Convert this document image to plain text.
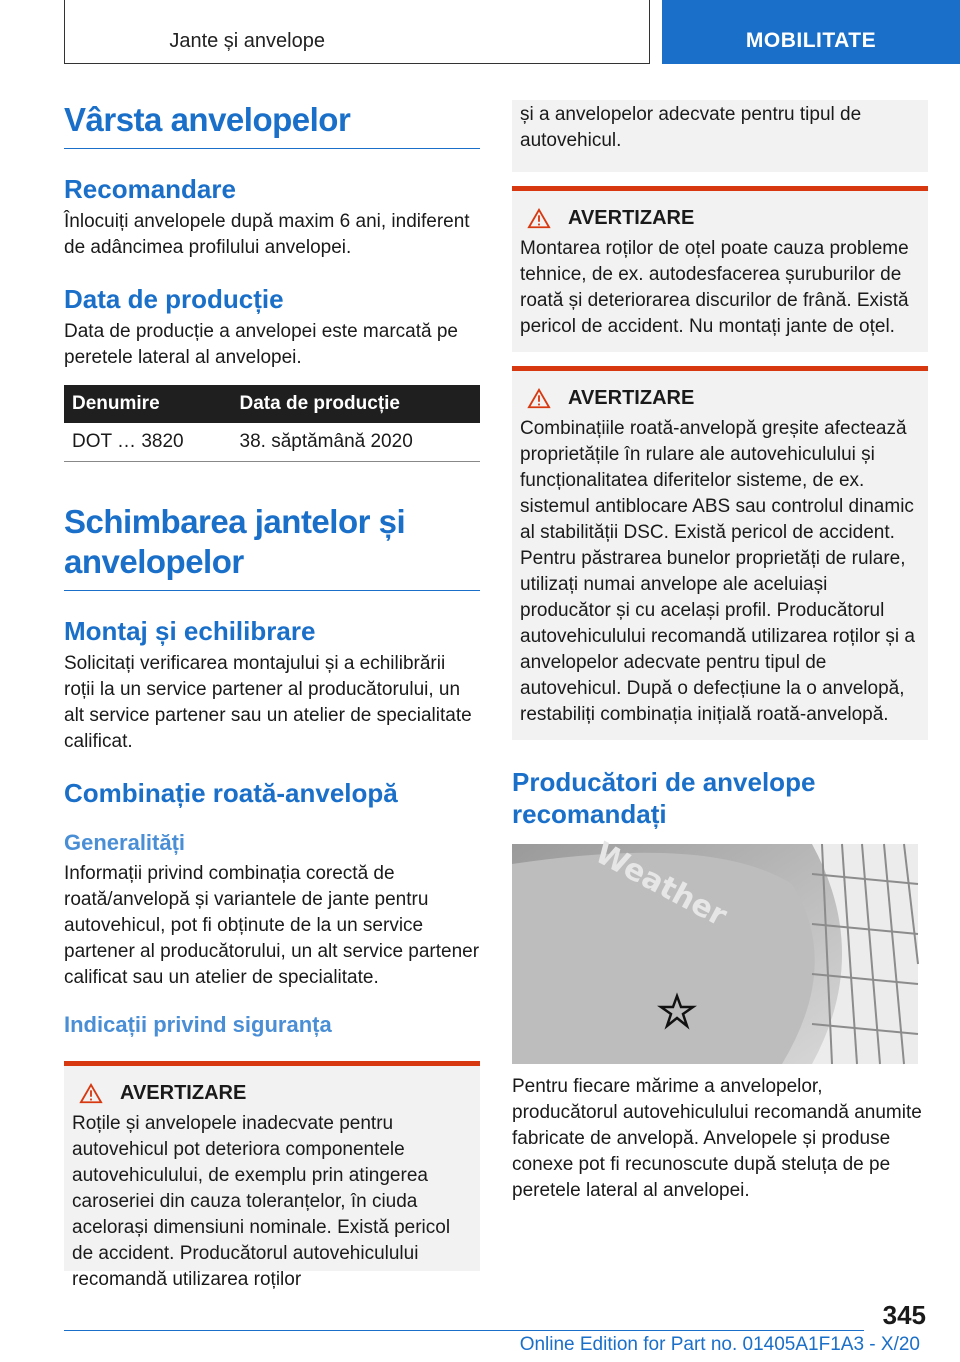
Jante și anvelope	MOBILITATE
Vârsta anvelopelor
Recomandare

Înlocuiți anvelopele după maxim 6 ani, indiferent de adâncimea profilului anvelopei.

Data de producție

Data de producție a anvelopei este marcată pe peretele lateral al anvelopei.

Denumire	Data de producție
DOT … 3820	38. săptămână 2020
Schimbarea jantelor și anvelopelor
Montaj și echilibrare

Solicitați verificarea montajului și a echilibrării roții la un service partener al producătorului, un alt service partener sau un atelier de specialitate calificat.

Combinație roată-anvelopă
Generalități

Informații privind combinația corectă de roată/anvelopă și variantele de jante pentru autovehicul, pot fi obținute de la un service partener al producătorului, un alt service partener calificat sau un atelier de specialitate.

Indicații privind siguranța
AVERTIZARE

Roțile și anvelopele inadecvate pentru autovehicul pot deteriora componentele autovehiculului, de exemplu prin atingerea caroseriei din cauza toleranțelor, în ciuda acelorași dimensiuni nominale. Există pericol de accident. Producătorul autovehiculului recomandă utilizarea roților

și a anvelopelor adecvate pentru tipul de autovehicul.

AVERTIZARE

Montarea roților de oțel poate cauza probleme tehnice, de ex. autodesfacerea șuruburilor de roată și deteriorarea discurilor de frână. Există pericol de accident. Nu montați jante de oțel.

AVERTIZARE

Combinațiile roată-anvelopă greșite afectează proprietățile în rulare ale autovehiculului și funcționalitatea diferitelor sisteme, de ex. sistemul antiblocare ABS sau controlul dinamic al stabilității DSC. Există pericol de accident. Pentru păstrarea bunelor proprietăți de rulare, utilizați numai anvelope ale aceluiași producător și cu același profil. Producătorul autovehiculului recomandă utilizarea roților și a anvelopelor adecvate pentru tipul de autovehicul. După o defecțiune la o anvelopă, restabiliți combinația inițială roată-anvelopă.

Producători de anvelope recomandați
Weather

Pentru fiecare mărime a anvelopelor, producătorul autovehiculului recomandă anumite fabricate de anvelopă. Anvelopele și produse conexe pot fi recunoscute după steluța de pe peretele lateral al anvelopei.

345
Online Edition for Part no. 01405A1F1A3 - X/20
